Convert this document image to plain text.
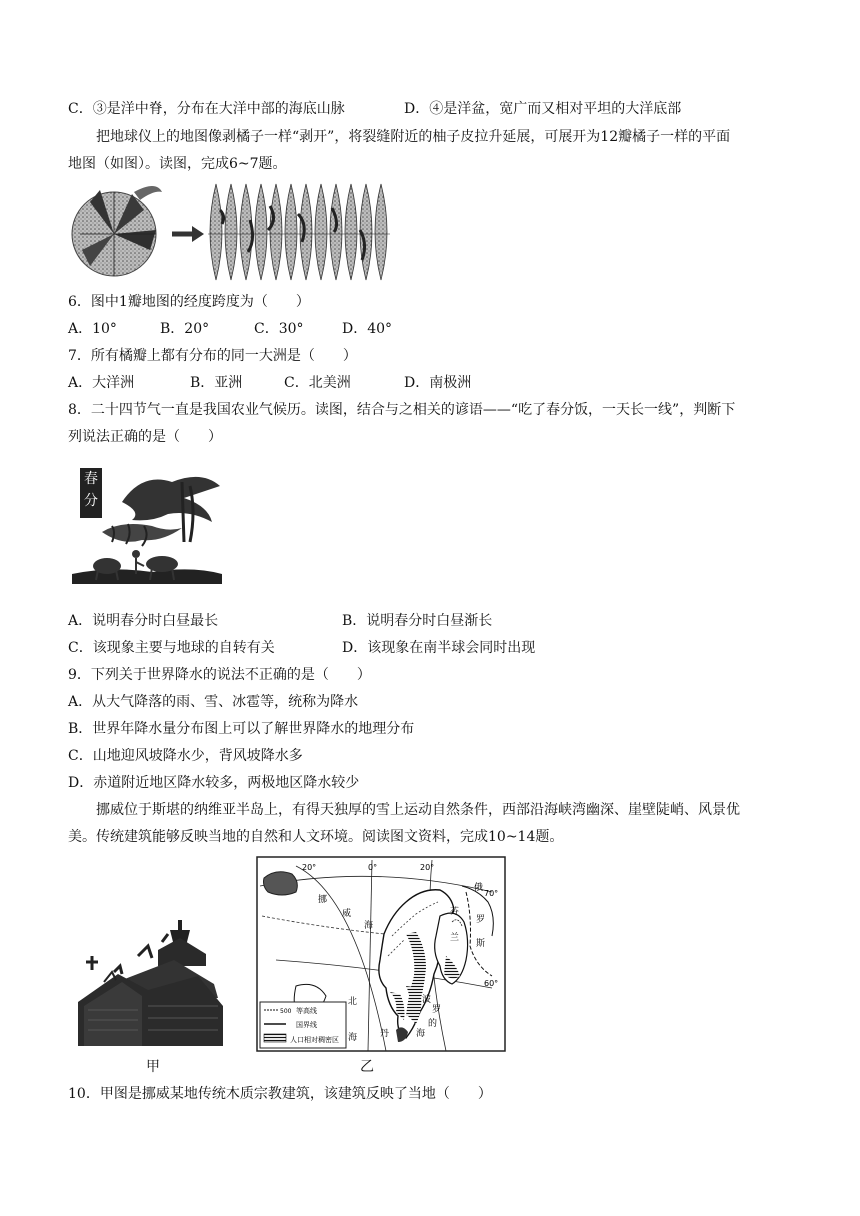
C．③是洋中脊，分布在大洋中部的海底山脉	D．④是洋盆，宽广而又相对平坦的大洋底部
把地球仪上的地图像剥橘子一样“剥开”，将裂缝附近的柚子皮拉升延展，可展开为12瓣橘子一样的平面
地图（如图）。读图，完成6~7题。
6．图中1瓣地图的经度跨度为（　　）
A．10°	B．20°	C．30°	D．40°
7．所有橘瓣上都有分布的同一大洲是（　　）
A．大洋洲	B．亚洲	C．北美洲	D．南极洲
8．二十四节气一直是我国农业气候历。读图，结合与之相关的谚语——“吃了春分饭，一天长一线”，判断下
列说法正确的是（　　）
春分
A．说明春分时白昼最长	B．说明春分时白昼渐长
C．该现象主要与地球的自转有关	D．该现象在南半球会同时出现
9．下列关于世界降水的说法不正确的是（　　）
A．从大气降落的雨、雪、冰雹等，统称为降水
B．世界年降水量分布图上可以了解世界降水的地理分布
C．山地迎风坡降水少，背风坡降水多
D．赤道附近地区降水较多，两极地区降水较少
挪威位于斯堪的纳维亚半岛上，有得天独厚的雪上运动自然条件，西部沿海峡湾幽深、崖壁陡峭、风景优
美。传统建筑能够反映当地的自然和人文环境。阅读图文资料，完成10~14题。
20°	0°	20°
70°
60°
挪
威
海
俄
罗
斯
芬
兰
北
海	丹
波
罗
的
海
500 等高线
国界线
人口相对稠密区
甲	乙
10．甲图是挪威某地传统木质宗教建筑，该建筑反映了当地（　　）
